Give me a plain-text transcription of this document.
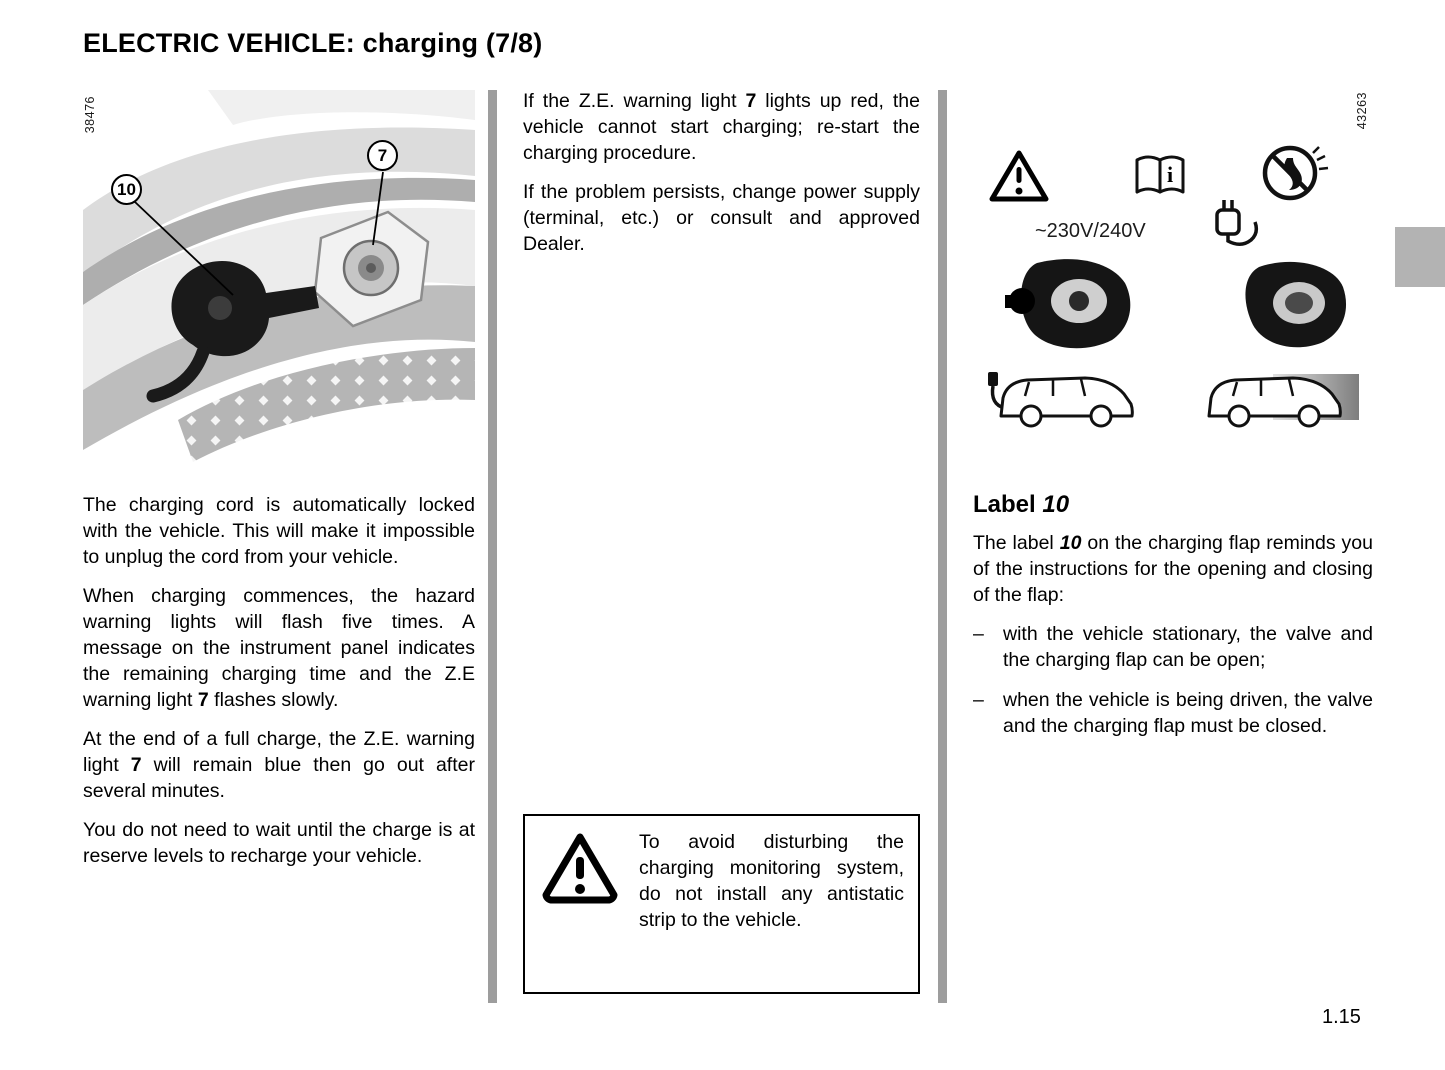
ELECTRIC VEHICLE: charging (7/8)
38476
10
7

The charging cord is automatically locked with the vehicle. This will make it impossible to unplug the cord from your vehicle.

When charging commences, the hazard warning lights will flash five times. A message on the instrument panel indicates the remaining charging time and the Z.E warning light 7 flashes slowly.

At the end of a full charge, the Z.E. warning light 7 will remain blue then go out after several minutes.

You do not need to wait until the charge is at reserve levels to recharge your vehicle.

If the Z.E. warning light 7 lights up red, the vehicle cannot start charging; re-start the charging procedure.

If the problem persists, change power supply (terminal, etc.) or consult and approved Dealer.

To avoid disturbing the charging monitoring system, do not install any antistatic strip to the vehicle.
43263
i
~230V/240V
Label 10

The label 10 on the charging flap reminds you of the instructions for the opening and closing of the flap:

– with the vehicle stationary, the valve and the charging flap can be open;
– when the vehicle is being driven, the valve and the charging flap must be closed.
1.15
